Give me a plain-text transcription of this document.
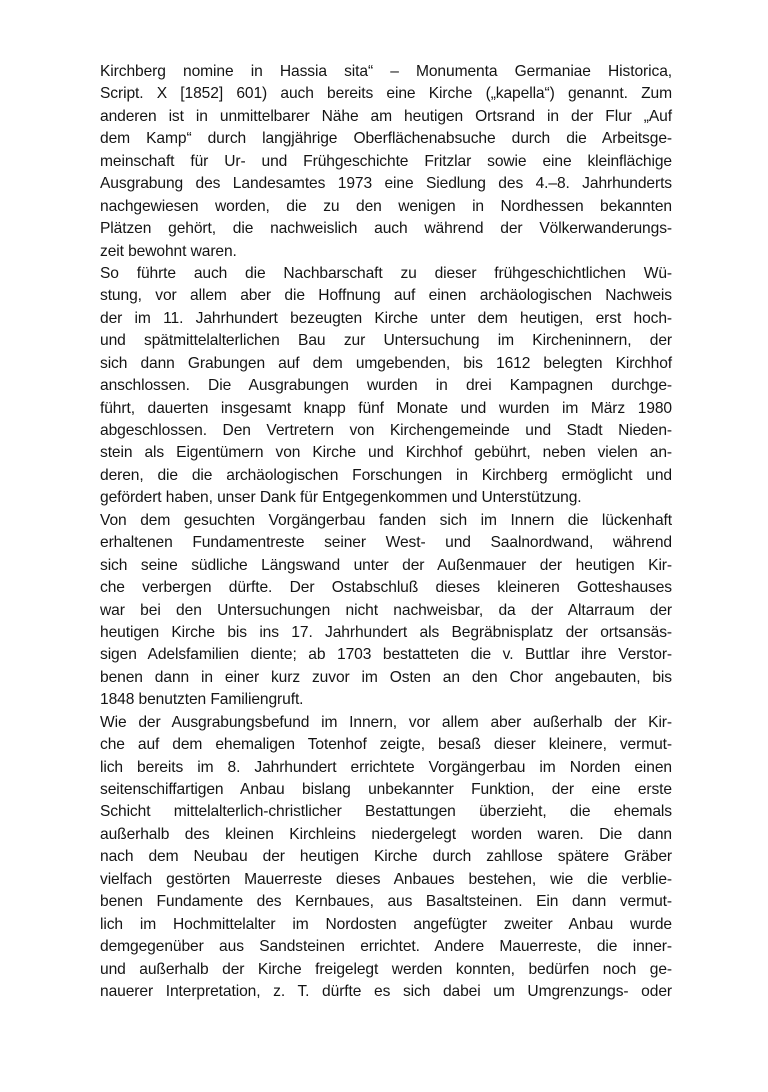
Kirchberg nomine in Hassia sita“ – Monumenta Germaniae Historica,
Script. X [1852] 601) auch bereits eine Kirche („kapella“) genannt. Zum
anderen ist in unmittelbarer Nähe am heutigen Ortsrand in der Flur „Auf
dem Kamp“ durch langjährige Oberflächenabsuche durch die Arbeitsge-
meinschaft für Ur- und Frühgeschichte Fritzlar sowie eine kleinflächige
Ausgrabung des Landesamtes 1973 eine Siedlung des 4.–8. Jahrhunderts
nachgewiesen worden, die zu den wenigen in Nordhessen bekannten
Plätzen gehört, die nachweislich auch während der Völkerwanderungs-
zeit bewohnt waren.
So führte auch die Nachbarschaft zu dieser frühgeschichtlichen Wü-
stung, vor allem aber die Hoffnung auf einen archäologischen Nachweis
der im 11. Jahrhundert bezeugten Kirche unter dem heutigen, erst hoch-
und spätmittelalterlichen Bau zur Untersuchung im Kircheninnern, der
sich dann Grabungen auf dem umgebenden, bis 1612 belegten Kirchhof
anschlossen. Die Ausgrabungen wurden in drei Kampagnen durchge-
führt, dauerten insgesamt knapp fünf Monate und wurden im März 1980
abgeschlossen. Den Vertretern von Kirchengemeinde und Stadt Nieden-
stein als Eigentümern von Kirche und Kirchhof gebührt, neben vielen an-
deren, die die archäologischen Forschungen in Kirchberg ermöglicht und
gefördert haben, unser Dank für Entgegenkommen und Unterstützung.
Von dem gesuchten Vorgängerbau fanden sich im Innern die lückenhaft
erhaltenen Fundamentreste seiner West- und Saalnordwand, während
sich seine südliche Längswand unter der Außenmauer der heutigen Kir-
che verbergen dürfte. Der Ostabschluß dieses kleineren Gotteshauses
war bei den Untersuchungen nicht nachweisbar, da der Altarraum der
heutigen Kirche bis ins 17. Jahrhundert als Begräbnisplatz der ortsansäs-
sigen Adelsfamilien diente; ab 1703 bestatteten die v. Buttlar ihre Verstor-
benen dann in einer kurz zuvor im Osten an den Chor angebauten, bis
1848 benutzten Familiengruft.
Wie der Ausgrabungsbefund im Innern, vor allem aber außerhalb der Kir-
che auf dem ehemaligen Totenhof zeigte, besaß dieser kleinere, vermut-
lich bereits im 8. Jahrhundert errichtete Vorgängerbau im Norden einen
seitenschiffartigen Anbau bislang unbekannter Funktion, der eine erste
Schicht mittelalterlich-christlicher Bestattungen überzieht, die ehemals
außerhalb des kleinen Kirchleins niedergelegt worden waren. Die dann
nach dem Neubau der heutigen Kirche durch zahllose spätere Gräber
vielfach gestörten Mauerreste dieses Anbaues bestehen, wie die verblie-
benen Fundamente des Kernbaues, aus Basaltsteinen. Ein dann vermut-
lich im Hochmittelalter im Nordosten angefügter zweiter Anbau wurde
demgegenüber aus Sandsteinen errichtet. Andere Mauerreste, die inner-
und außerhalb der Kirche freigelegt werden konnten, bedürfen noch ge-
nauerer Interpretation, z. T. dürfte es sich dabei um Umgrenzungs- oder
